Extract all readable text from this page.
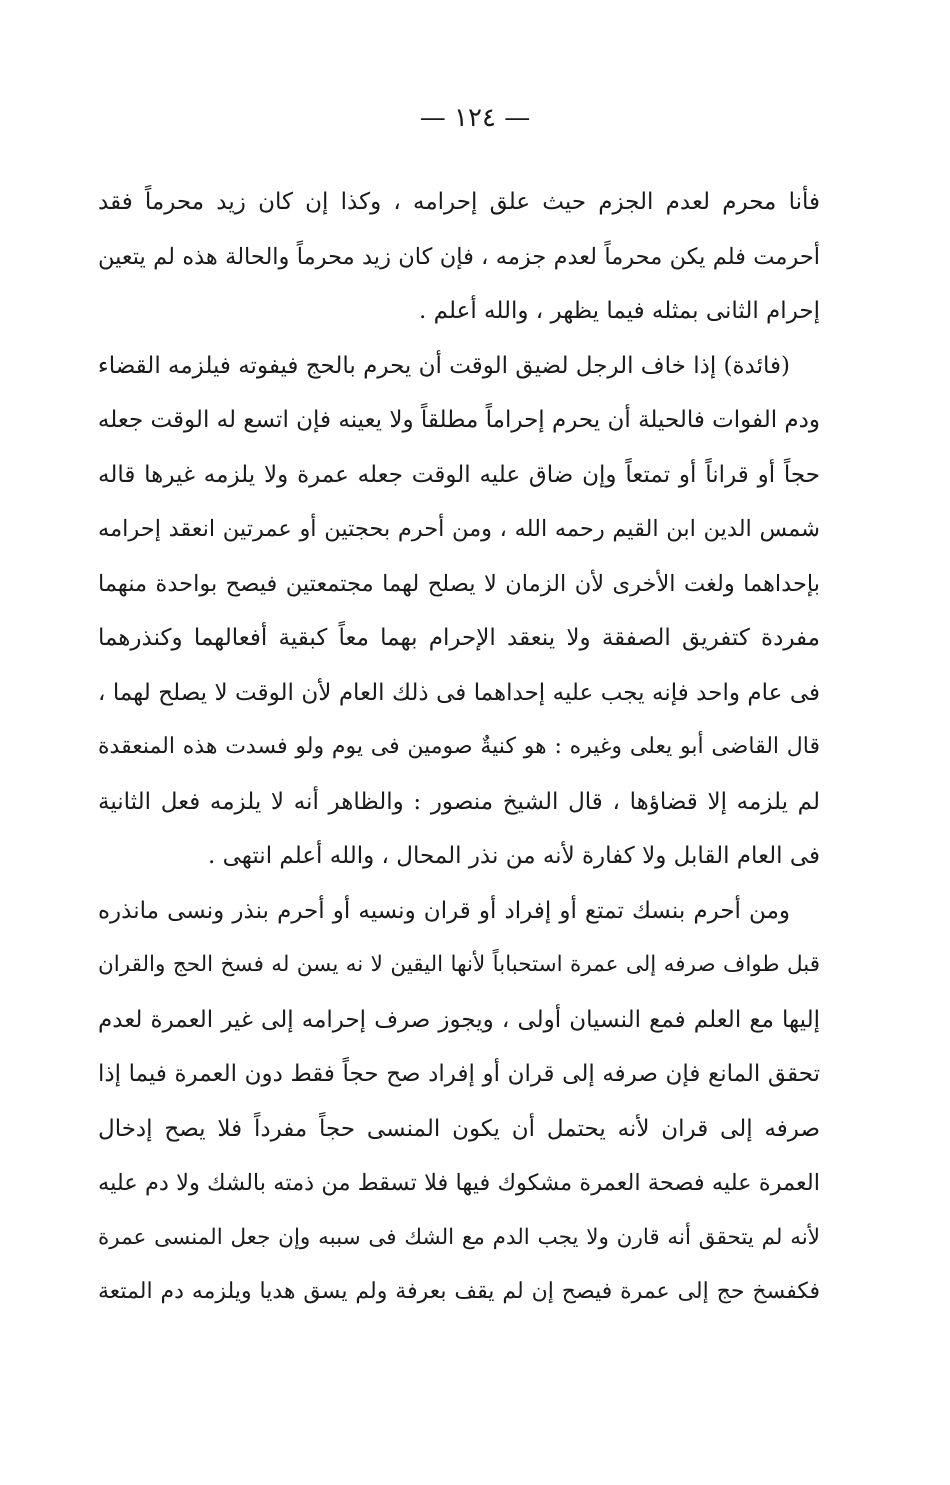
— ١٢٤ —
فأنا محرم لعدم الجزم حيث علق إحرامه ، وكذا إن كان زيد محرماً فقد
أحرمت فلم يكن محرماً لعدم جزمه ، فإن كان زيد محرماً والحالة هذه لم يتعين
إحرام الثانى بمثله فيما يظهر ، والله أعلم .
(فائدة) إذا خاف الرجل لضيق الوقت أن يحرم بالحج فيفوته فيلزمه القضاء
ودم الفوات فالحيلة أن يحرم إحراماً مطلقاً ولا يعينه فإن اتسع له الوقت جعله
حجاً أو قراناً أو تمتعاً وإن ضاق عليه الوقت جعله عمرة ولا يلزمه غيرها قاله
شمس الدين ابن القيم رحمه الله ، ومن أحرم بحجتين أو عمرتين انعقد إحرامه
بإحداهما ولغت الأخرى لأن الزمان لا يصلح لهما مجتمعتين فيصح بواحدة منهما
مفردة كتفريق الصفقة ولا ينعقد الإحرام بهما معاً كبقية أفعالهما وكنذرهما
فى عام واحد فإنه يجب عليه إحداهما فى ذلك العام لأن الوقت لا يصلح لهما ،
قال القاضى أبو يعلى وغيره : هو كنيةٌ صومين فى يوم ولو فسدت هذه المنعقدة
لم يلزمه إلا قضاؤها ، قال الشيخ منصور : والظاهر أنه لا يلزمه فعل الثانية
فى العام القابل ولا كفارة لأنه من نذر المحال ، والله أعلم انتهى .
ومن أحرم بنسك تمتع أو إفراد أو قران ونسيه أو أحرم بنذر ونسى مانذره
قبل طواف صرفه إلى عمرة استحباباً لأنها اليقين لا نه يسن له فسخ الحج والقران
إليها مع العلم فمع النسيان أولى ، ويجوز صرف إحرامه إلى غير العمرة لعدم
تحقق المانع فإن صرفه إلى قران أو إفراد صح حجاً فقط دون العمرة فيما إذا
صرفه إلى قران لأنه يحتمل أن يكون المنسى حجاً مفرداً فلا يصح إدخال
العمرة عليه فصحة العمرة مشكوك فيها فلا تسقط من ذمته بالشك ولا دم عليه
لأنه لم يتحقق أنه قارن ولا يجب الدم مع الشك فى سببه وإن جعل المنسى عمرة
فكفسخ حج إلى عمرة فيصح إن لم يقف بعرفة ولم يسق هديا ويلزمه دم المتعة
